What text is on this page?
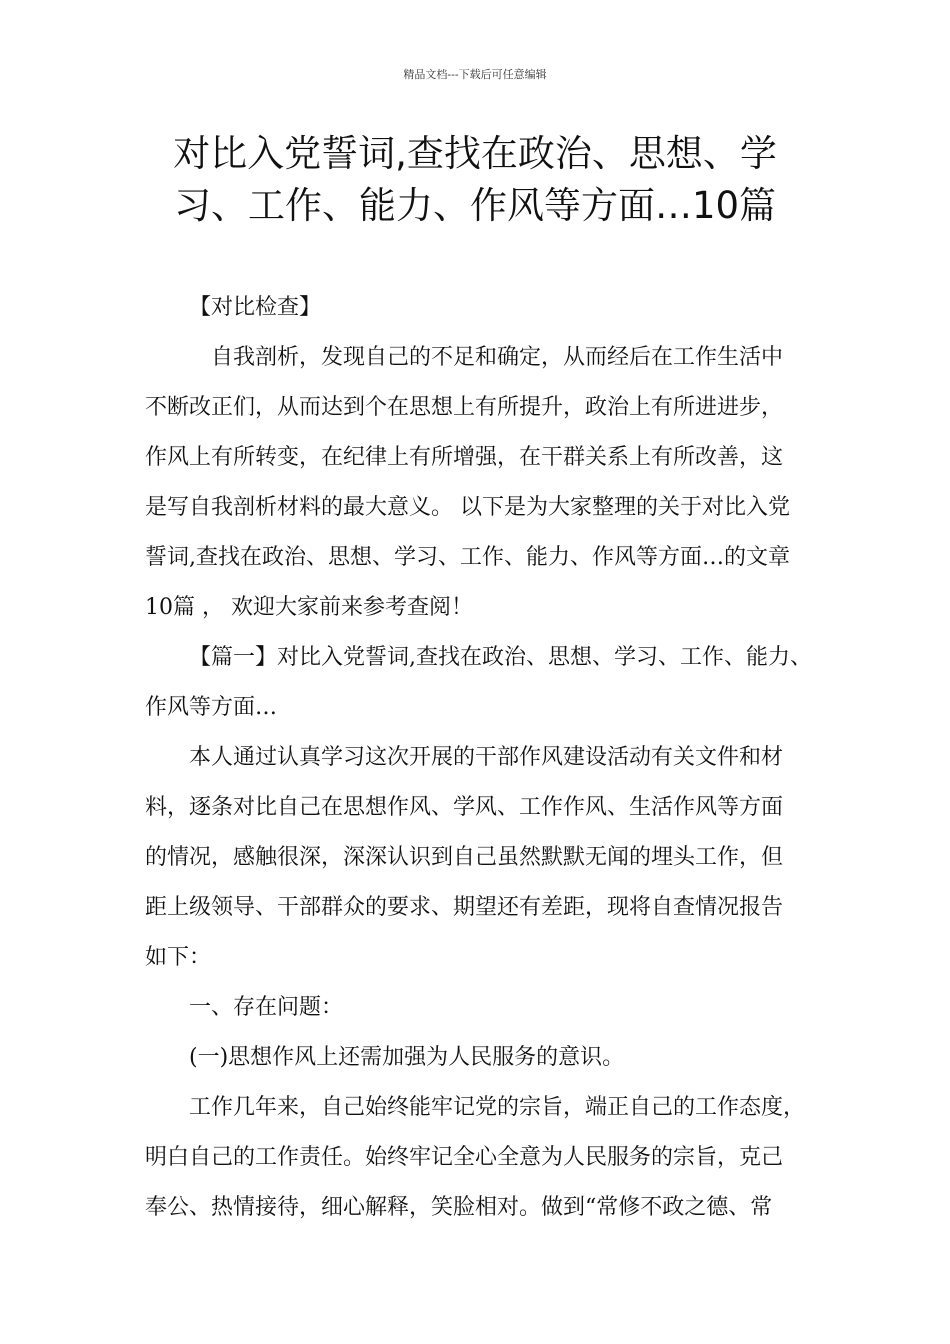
精品文档---下载后可任意编辑
对比入党誓词,查找在政治、思想、学
习、工作、能力、作风等方面…10篇
【对比检查】
自我剖析，发现自己的不足和确定，从而经后在工作生活中
不断改正们，从而达到个在思想上有所提升，政治上有所进进步，
作风上有所转变，在纪律上有所增强，在干群关系上有所改善，这
是写自我剖析材料的最大意义。 以下是为大家整理的关于对比入党
誓词,查找在政治、思想、学习、工作、能力、作风等方面…的文章
10篇 ， 欢迎大家前来参考查阅！
【篇一】对比入党誓词,查找在政治、思想、学习、工作、能力、
作风等方面…
本人通过认真学习这次开展的干部作风建设活动有关文件和材
料，逐条对比自己在思想作风、学风、工作作风、生活作风等方面
的情况，感触很深，深深认识到自己虽然默默无闻的埋头工作，但
距上级领导、干部群众的要求、期望还有差距，现将自查情况报告
如下：
一、存在问题：
(一)思想作风上还需加强为人民服务的意识。
工作几年来，自己始终能牢记党的宗旨，端正自己的工作态度，
明白自己的工作责任。始终牢记全心全意为人民服务的宗旨，克己
奉公、热情接待，细心解释，笑脸相对。做到“常修不政之德、常
